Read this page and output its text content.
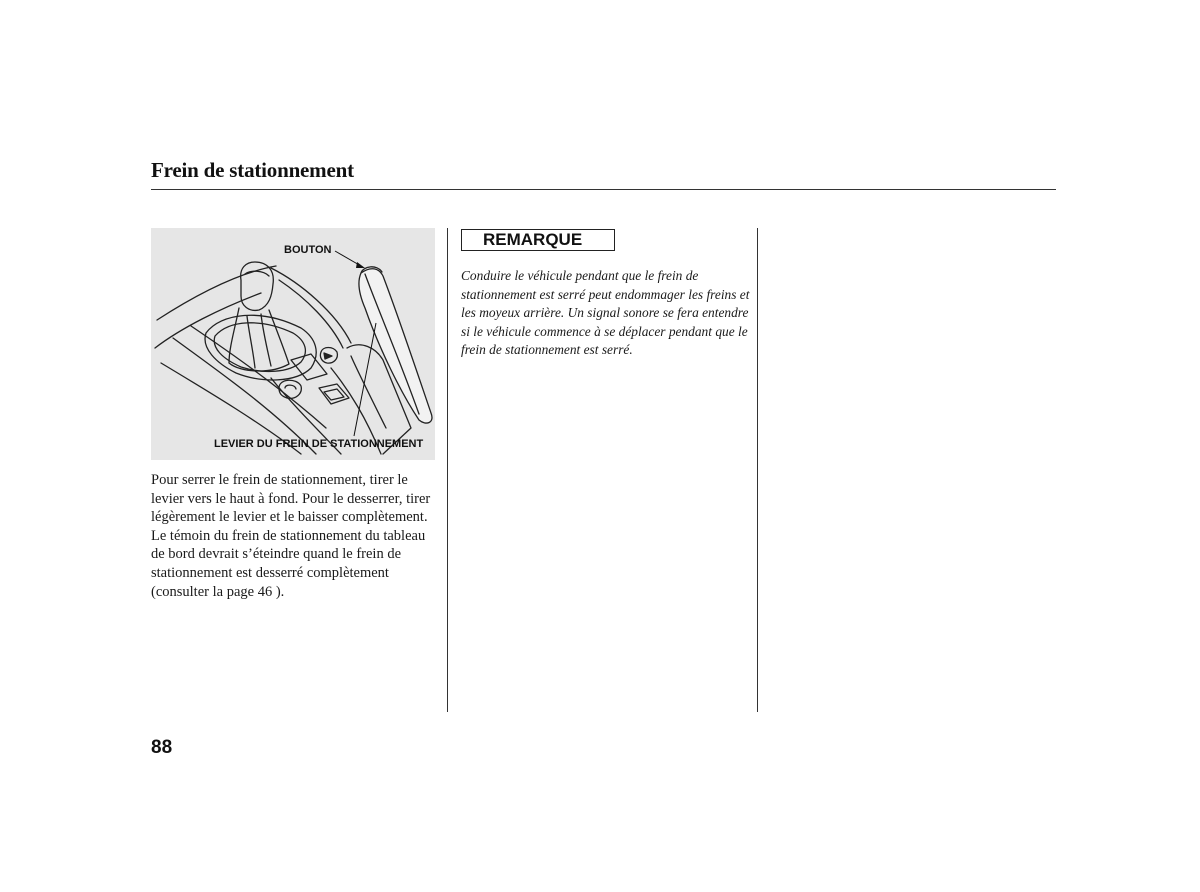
Frein de stationnement
BOUTON
LEVIER DU FREIN DE STATIONNEMENT

Pour serrer le frein de stationnement, tirer le levier vers le haut à fond. Pour le desserrer, tirer légèrement le levier et le baisser complètement. Le témoin du frein de stationnement du tableau de bord devrait s’éteindre quand le frein de stationnement est desserré complètement (consulter la page 46 ).

REMARQUE

Conduire le véhicule pendant que le frein de stationnement est serré peut endommager les freins et les moyeux arrière. Un signal sonore se fera entendre si le véhicule commence à se déplacer pendant que le frein de stationnement est serré.

88
